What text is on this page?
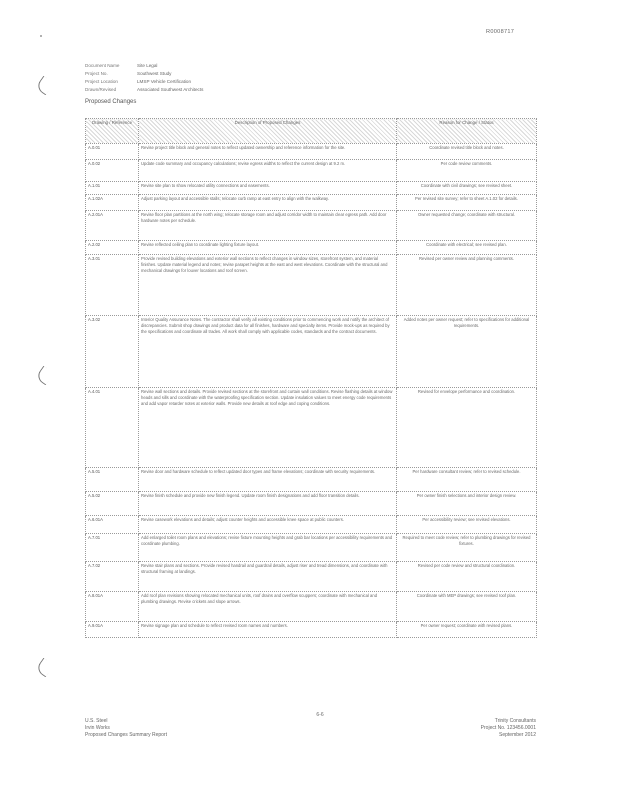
R0008717
Document Name	Site Legal
Project No.	Southwest Study
Project Location	LMSP Vehicle Certification
Drawn/Revised	Associated Southwest Architects
Proposed Changes
Drawing / Reference	Description of Proposed Changes	Reason for Change / Status
A.0.01	Revise project title block and general notes to reflect updated ownership and reference information for the site.	Coordinate revised title block and notes.
A.0.02	Update code summary and occupancy calculations; revise egress widths to reflect the current design at 9.2 m.	Per code review comments.
A.1.01	Revise site plan to show relocated utility connections and easements.	Coordinate with civil drawings; see revised sheet.
A.1.02A	Adjust parking layout and accessible stalls; relocate curb ramp at east entry to align with the walkway.	Per revised site survey; refer to sheet A.1.02 for details.
A.2.01A	Revise floor plan partitions at the north wing; relocate storage room and adjust corridor width to maintain clear egress path. Add door hardware notes per schedule.	Owner requested change; coordinate with structural.
A.2.02	Revise reflected ceiling plan to coordinate lighting fixture layout.	Coordinate with electrical; see revised plan.
A.3.01	Provide revised building elevations and exterior wall sections to reflect changes in window sizes, storefront system, and material finishes. Update material legend and notes; revise parapet heights at the east and west elevations. Coordinate with the structural and mechanical drawings for louver locations and roof screen.	Revised per owner review and planning comments.
A.3.02	Interior Quality Assurance Notes. The contractor shall verify all existing conditions prior to commencing work and notify the architect of discrepancies. Submit shop drawings and product data for all finishes, hardware and specialty items. Provide mock-ups as required by the specifications and coordinate all trades. All work shall comply with applicable codes, standards and the contract documents.	Added notes per owner request; refer to specifications for additional requirements.
A.4.01	Revise wall sections and details. Provide revised sections at the storefront and curtain wall conditions. Revise flashing details at window heads and sills and coordinate with the waterproofing specification section. Update insulation values to meet energy code requirements and add vapor retarder notes at exterior walls. Provide new details at roof edge and coping conditions.	Revised for envelope performance and coordination.
A.5.01	Revise door and hardware schedule to reflect updated door types and frame elevations; coordinate with security requirements.	Per hardware consultant review; refer to revised schedule.
A.5.02	Revise finish schedule and provide new finish legend. Update room finish designations and add floor transition details.	Per owner finish selections and interior design review.
A.6.01A	Revise casework elevations and details; adjust counter heights and accessible knee space at public counters.	Per accessibility review; see revised elevations.
A.7.01	Add enlarged toilet room plans and elevations; revise fixture mounting heights and grab bar locations per accessibility requirements and coordinate plumbing.	Required to meet code review; refer to plumbing drawings for revised fixtures.
A.7.02	Revise stair plans and sections. Provide revised handrail and guardrail details, adjust riser and tread dimensions, and coordinate with structural framing at landings.	Revised per code review and structural coordination.
A.8.01A	Add roof plan revisions showing relocated mechanical units, roof drains and overflow scuppers; coordinate with mechanical and plumbing drawings. Revise crickets and slope arrows.	Coordinate with MEP drawings; see revised roof plan.
A.9.01A	Revise signage plan and schedule to reflect revised room names and numbers.	Per owner request; coordinate with revised plans.
U.S. Steel
Irvin Works
Proposed Changes Summary Report
6-6
Trinity Consultants
Project No. 123456.0001
September 2012
